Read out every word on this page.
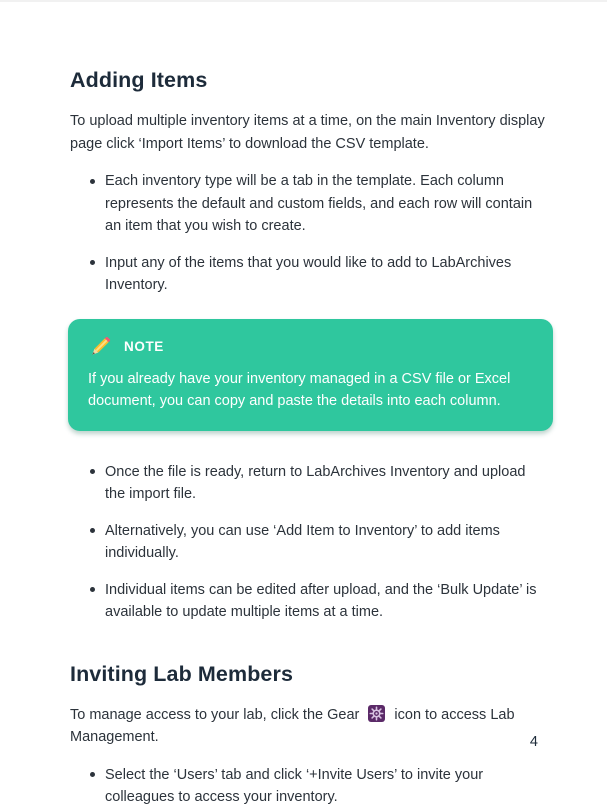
Adding Items

To upload multiple inventory items at a time, on the main Inventory display page click ‘Import Items’ to download the CSV template.

Each inventory type will be a tab in the template. Each column represents the default and custom fields, and each row will contain an item that you wish to create.
Input any of the items that you would like to add to LabArchives Inventory.
NOTE
If you already have your inventory managed in a CSV file or Excel document, you can copy and paste the details into each column.
Once the file is ready, return to LabArchives Inventory and upload the import file.
Alternatively, you can use ‘Add Item to Inventory’ to add items individually.
Individual items can be edited after upload, and the ‘Bulk Update’ is available to update multiple items at a time.
Inviting Lab Members

To manage access to your lab, click the Gear icon to access Lab Management.

Select the ‘Users’ tab and click ‘+Invite Users’ to invite your colleagues to access your inventory.
4
